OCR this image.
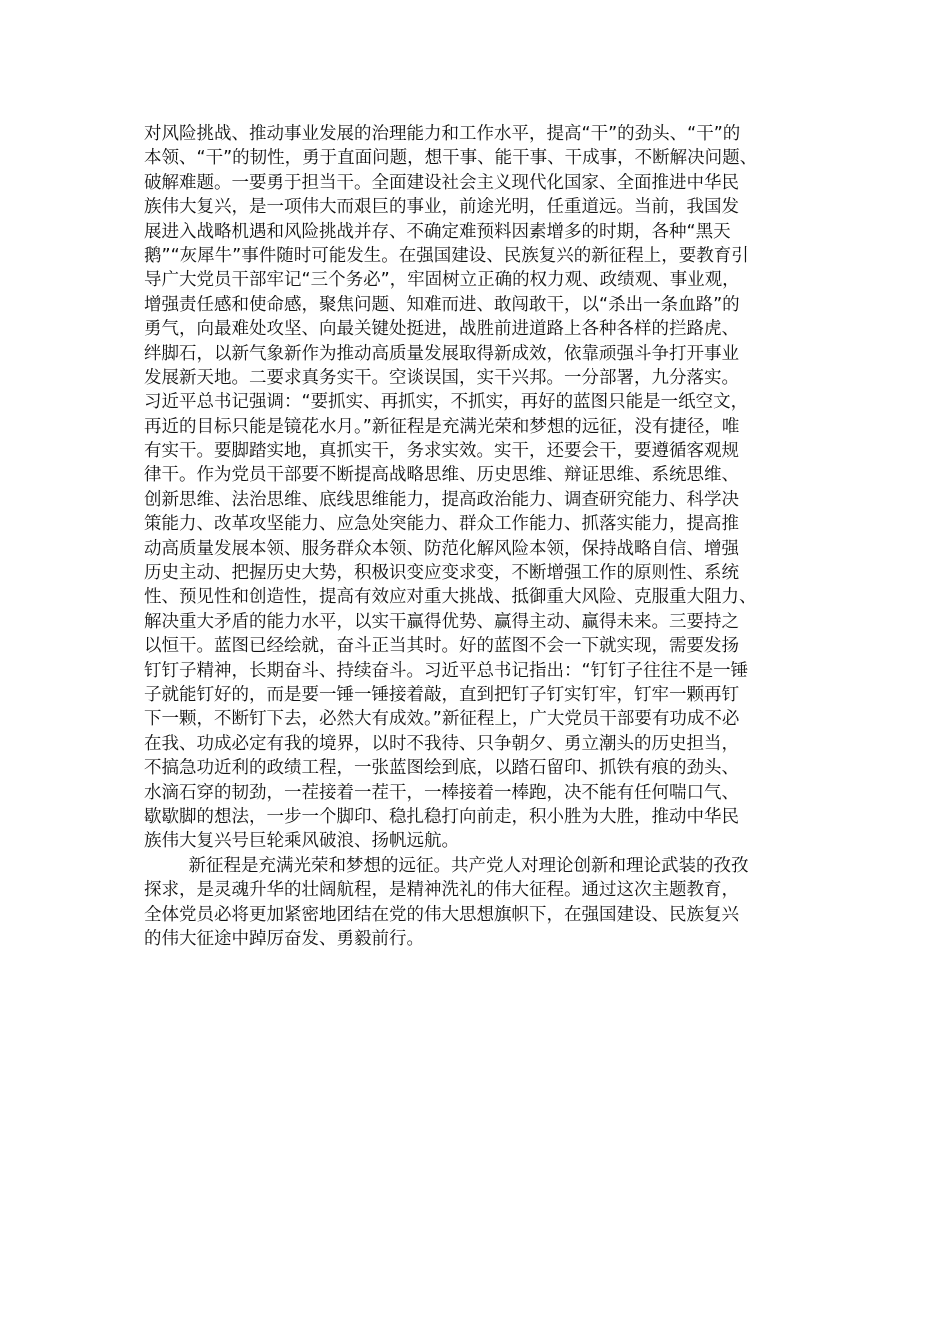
对风险挑战、推动事业发展的治理能力和工作水平，提高“干”的劲头、“干”的
本领、“干”的韧性，勇于直面问题，想干事、能干事、干成事，不断解决问题、
破解难题。一要勇于担当干。全面建设社会主义现代化国家、全面推进中华民
族伟大复兴，是一项伟大而艰巨的事业，前途光明，任重道远。当前，我国发
展进入战略机遇和风险挑战并存、不确定难预料因素增多的时期，各种“黑天
鹅”“灰犀牛”事件随时可能发生。在强国建设、民族复兴的新征程上，要教育引
导广大党员干部牢记“三个务必”，牢固树立正确的权力观、政绩观、事业观，
增强责任感和使命感，聚焦问题、知难而进、敢闯敢干，以“杀出一条血路”的
勇气，向最难处攻坚、向最关键处挺进，战胜前进道路上各种各样的拦路虎、
绊脚石，以新气象新作为推动高质量发展取得新成效，依靠顽强斗争打开事业
发展新天地。二要求真务实干。空谈误国，实干兴邦。一分部署，九分落实。
习近平总书记强调：“要抓实、再抓实，不抓实，再好的蓝图只能是一纸空文，
再近的目标只能是镜花水月。”新征程是充满光荣和梦想的远征，没有捷径，唯
有实干。要脚踏实地，真抓实干，务求实效。实干，还要会干，要遵循客观规
律干。作为党员干部要不断提高战略思维、历史思维、辩证思维、系统思维、
创新思维、法治思维、底线思维能力，提高政治能力、调查研究能力、科学决
策能力、改革攻坚能力、应急处突能力、群众工作能力、抓落实能力，提高推
动高质量发展本领、服务群众本领、防范化解风险本领，保持战略自信、增强
历史主动、把握历史大势，积极识变应变求变，不断增强工作的原则性、系统
性、预见性和创造性，提高有效应对重大挑战、抵御重大风险、克服重大阻力、
解决重大矛盾的能力水平，以实干赢得优势、赢得主动、赢得未来。三要持之
以恒干。蓝图已经绘就，奋斗正当其时。好的蓝图不会一下就实现，需要发扬
钉钉子精神，长期奋斗、持续奋斗。习近平总书记指出：“钉钉子往往不是一锤
子就能钉好的，而是要一锤一锤接着敲，直到把钉子钉实钉牢，钉牢一颗再钉
下一颗，不断钉下去，必然大有成效。”新征程上，广大党员干部要有功成不必
在我、功成必定有我的境界，以时不我待、只争朝夕、勇立潮头的历史担当，
不搞急功近利的政绩工程，一张蓝图绘到底，以踏石留印、抓铁有痕的劲头、
水滴石穿的韧劲，一茬接着一茬干，一棒接着一棒跑，决不能有任何喘口气、
歇歇脚的想法，一步一个脚印、稳扎稳打向前走，积小胜为大胜，推动中华民
族伟大复兴号巨轮乘风破浪、扬帆远航。
新征程是充满光荣和梦想的远征。共产党人对理论创新和理论武装的孜孜
探求，是灵魂升华的壮阔航程，是精神洗礼的伟大征程。通过这次主题教育，
全体党员必将更加紧密地团结在党的伟大思想旗帜下，在强国建设、民族复兴
的伟大征途中踔厉奋发、勇毅前行。
